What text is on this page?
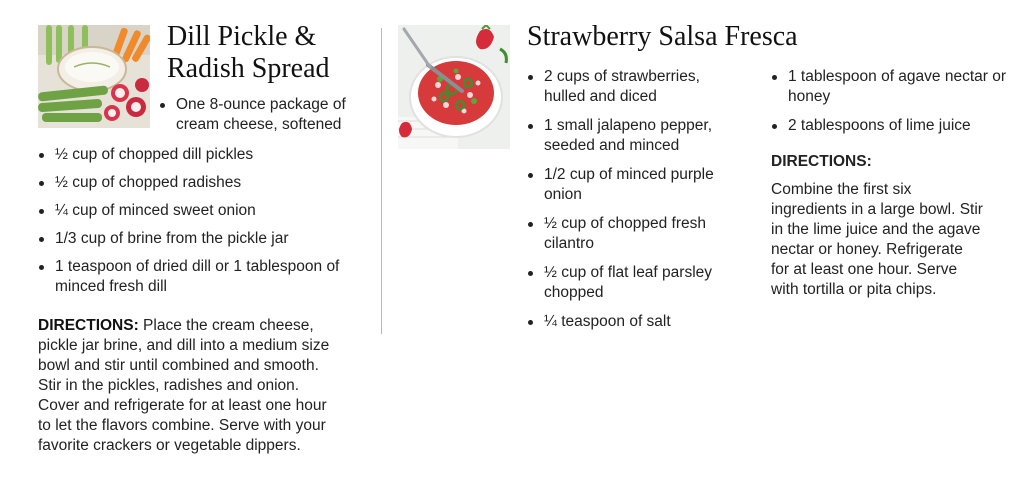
Dill Pickle &
Radish Spread
One 8-ounce package of cream cheese, softened
½ cup of chopped dill pickles
½ cup of chopped radishes
¼ cup of minced sweet onion
1/3 cup of brine from the pickle jar
1 teaspoon of dried dill or 1 tablespoon of minced fresh dill

DIRECTIONS: Place the cream cheese, pickle jar brine, and dill into a medium size bowl and stir until combined and smooth. Stir in the pickles, radishes and onion. Cover and refrigerate for at least one hour to let the flavors combine. Serve with your favorite crackers or vegetable dippers.

Strawberry Salsa Fresca
2 cups of strawberries, hulled and diced
1 small jalapeno pepper, seeded and minced
1/2 cup of minced purple onion
½ cup of chopped fresh cilantro
½ cup of flat leaf parsley chopped
¼ teaspoon of salt
1 tablespoon of agave nectar or honey
2 tablespoons of lime juice

DIRECTIONS:

Combine the first six ingredients in a large bowl. Stir in the lime juice and the agave nectar or honey. Refrigerate for at least one hour. Serve with tortilla or pita chips.
